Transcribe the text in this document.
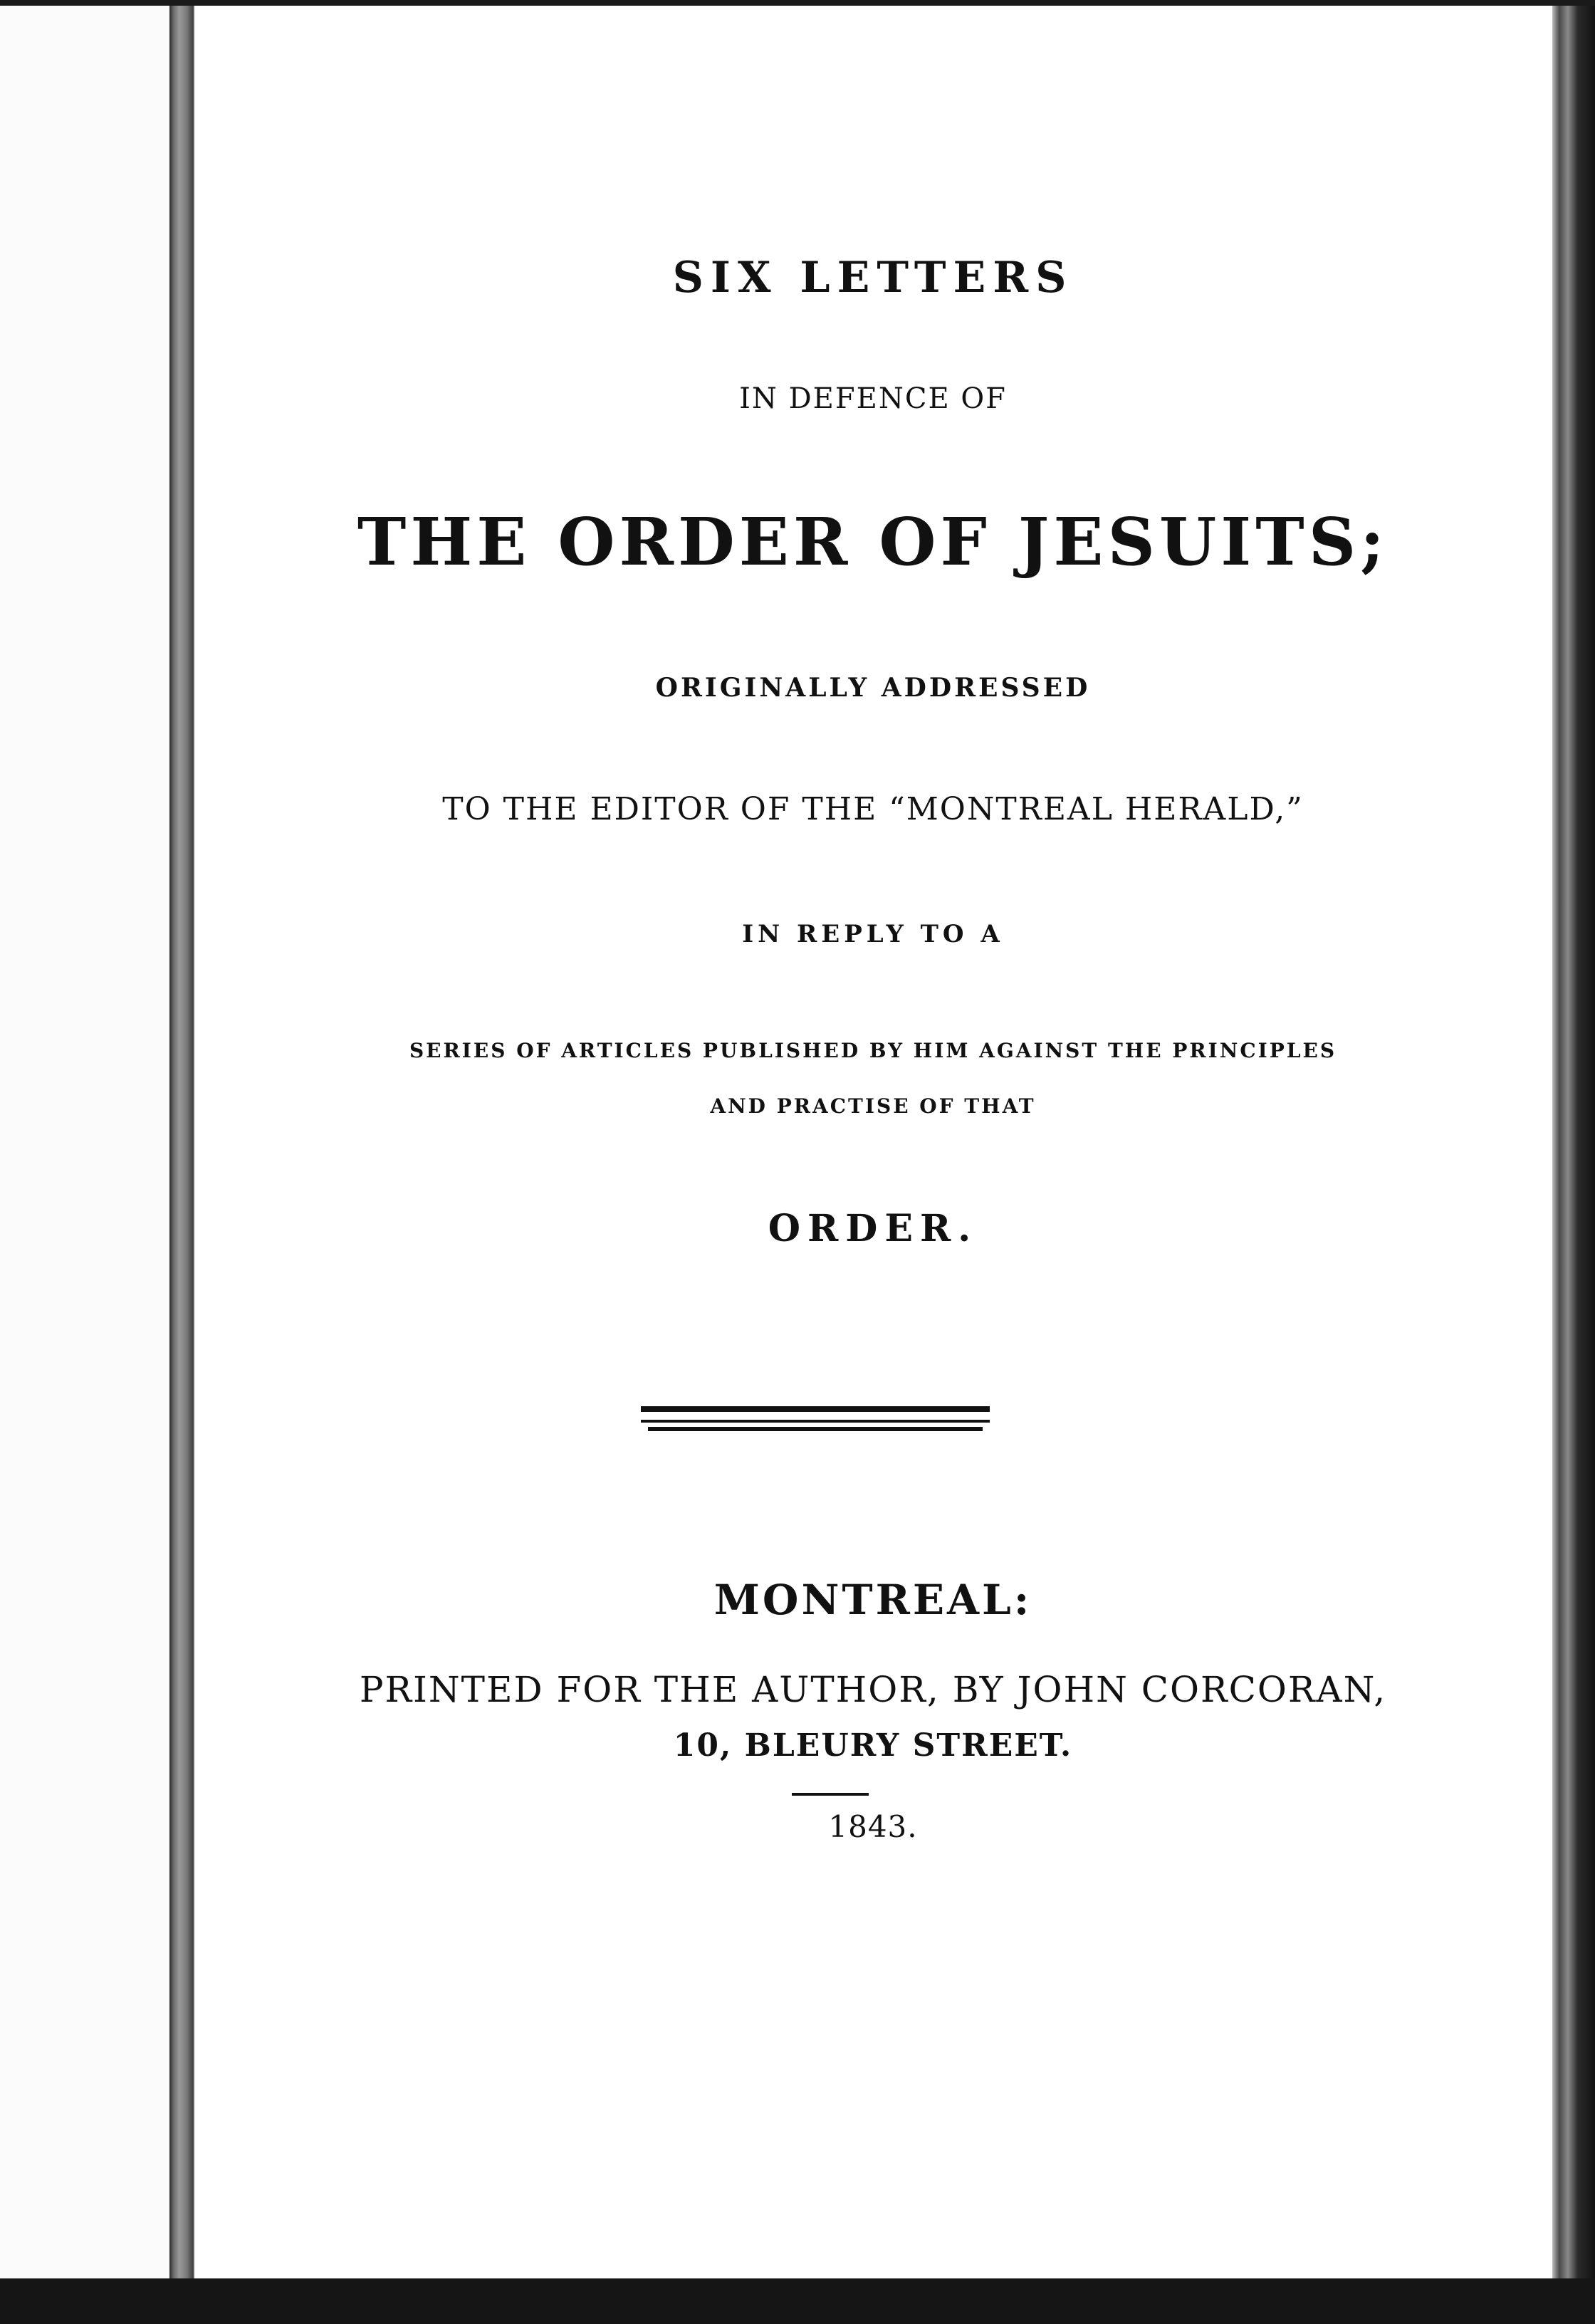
SIX LETTERS
IN DEFENCE OF
THE ORDER OF JESUITS;
ORIGINALLY ADDRESSED
TO THE EDITOR OF THE “MONTREAL HERALD,”
IN REPLY TO A
SERIES OF ARTICLES PUBLISHED BY HIM AGAINST THE PRINCIPLES
AND PRACTISE OF THAT
ORDER.
MONTREAL:
PRINTED FOR THE AUTHOR, BY JOHN CORCORAN,
10, BLEURY STREET.
1843.
